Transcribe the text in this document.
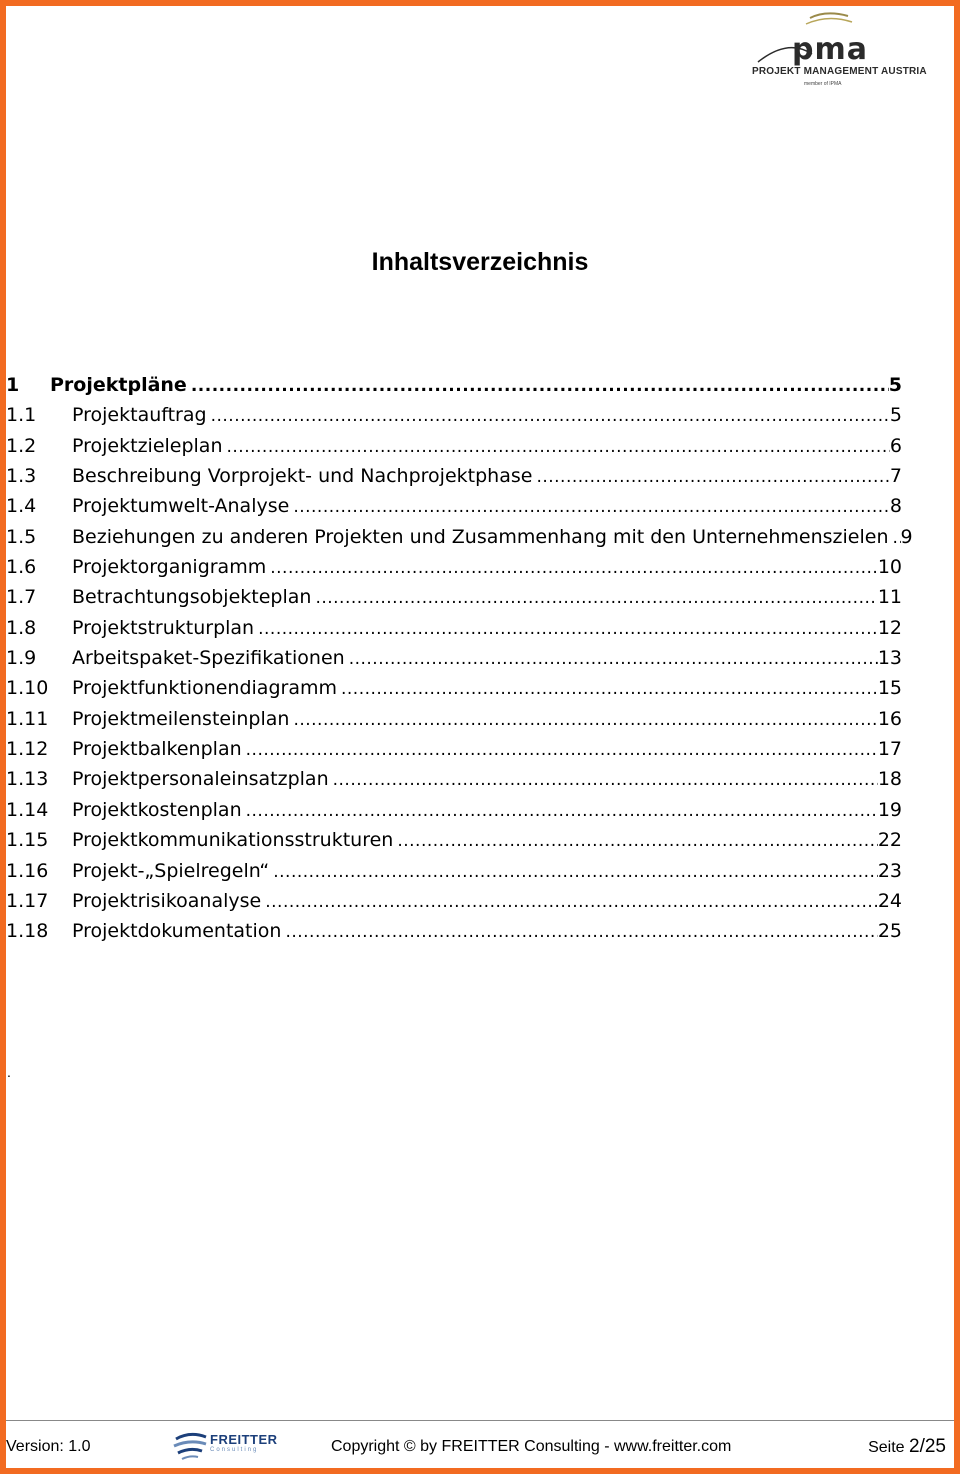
pma
PROJEKT MANAGEMENT AUSTRIA
member of IPMA
Inhaltsverzeichnis
1	Projektpläne .....	5
1.1	Projektauftrag .....	5
1.2	Projektzieleplan .....	6
1.3	Beschreibung Vorprojekt- und Nachprojektphase .....	7
1.4	Projektumwelt-Analyse .....	8
1.5	Beziehungen zu anderen Projekten und Zusammenhang mit den Unternehmenszielen ..... 9
1.6	Projektorganigramm .....	10
1.7	Betrachtungsobjekteplan .....	11
1.8	Projektstrukturplan .....	12
1.9	Arbeitspaket-Spezifikationen .....	13
1.10	Projektfunktionendiagramm .....	15
1.11	Projektmeilensteinplan .....	16
1.12	Projektbalkenplan .....	17
1.13	Projektpersonaleinsatzplan .....	18
1.14	Projektkostenplan .....	19
1.15	Projektkommunikationsstrukturen .....	22
1.16	Projekt-„Spielregeln“ .....	23
1.17	Projektrisikoanalyse .....	24
1.18	Projektdokumentation .....	25
.
Version: 1.0	FREITTER
Consulting	Copyright © by FREITTER Consulting - www.freitter.com	Seite 2/25
